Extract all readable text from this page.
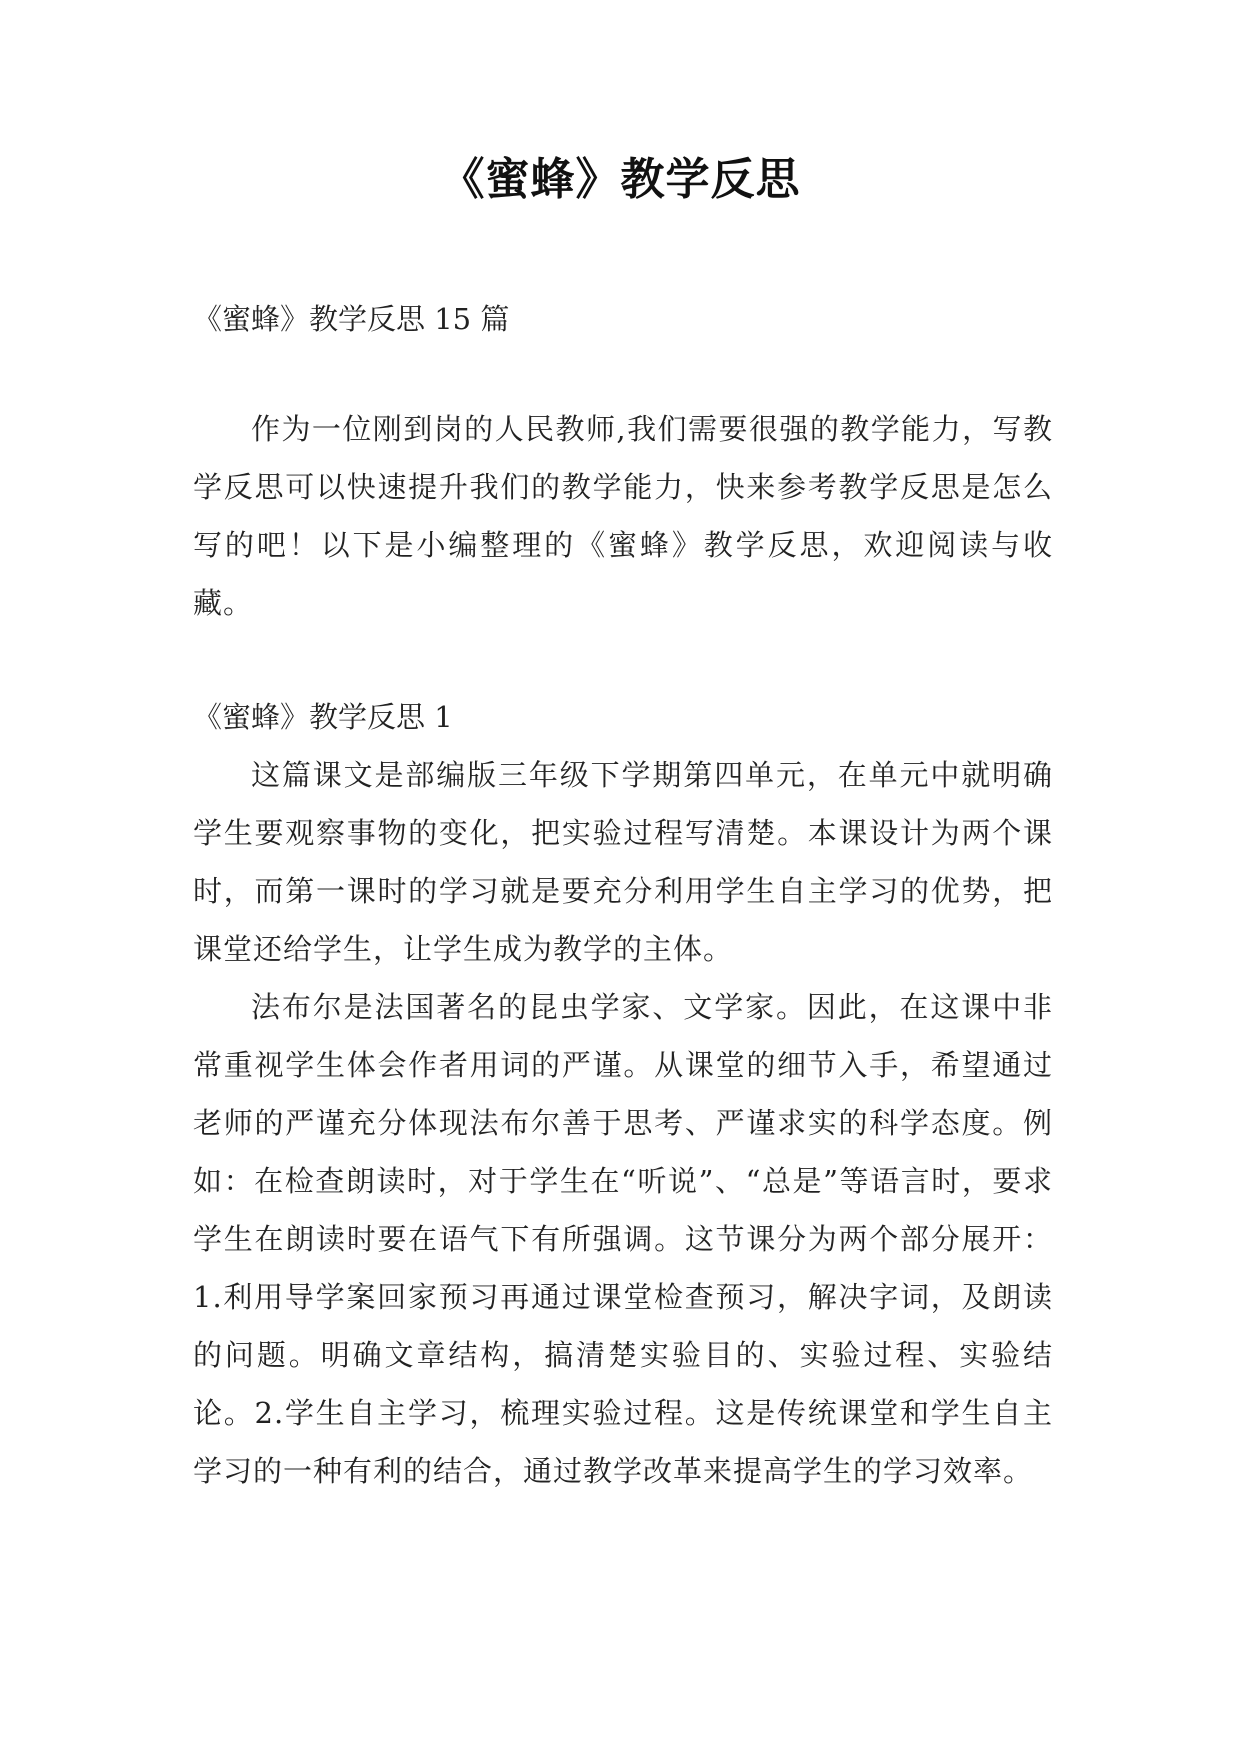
《蜜蜂》教学反思

《蜜蜂》教学反思 15 篇

作为一位刚到岗的人民教师,我们需要很强的教学能力，写教学反思可以快速提升我们的教学能力，快来参考教学反思是怎么写的吧！以下是小编整理的《蜜蜂》教学反思，欢迎阅读与收藏。

《蜜蜂》教学反思 1

这篇课文是部编版三年级下学期第四单元，在单元中就明确学生要观察事物的变化，把实验过程写清楚。本课设计为两个课时，而第一课时的学习就是要充分利用学生自主学习的优势，把课堂还给学生，让学生成为教学的主体。

法布尔是法国著名的昆虫学家、文学家。因此，在这课中非常重视学生体会作者用词的严谨。从课堂的细节入手，希望通过老师的严谨充分体现法布尔善于思考、严谨求实的科学态度。例如：在检查朗读时，对于学生在“听说”、“总是”等语言时，要求学生在朗读时要在语气下有所强调。这节课分为两个部分展开：1.利用导学案回家预习再通过课堂检查预习，解决字词，及朗读的问题。明确文章结构，搞清楚实验目的、实验过程、实验结论。2.学生自主学习，梳理实验过程。这是传统课堂和学生自主学习的一种有利的结合，通过教学改革来提高学生的学习效率。
